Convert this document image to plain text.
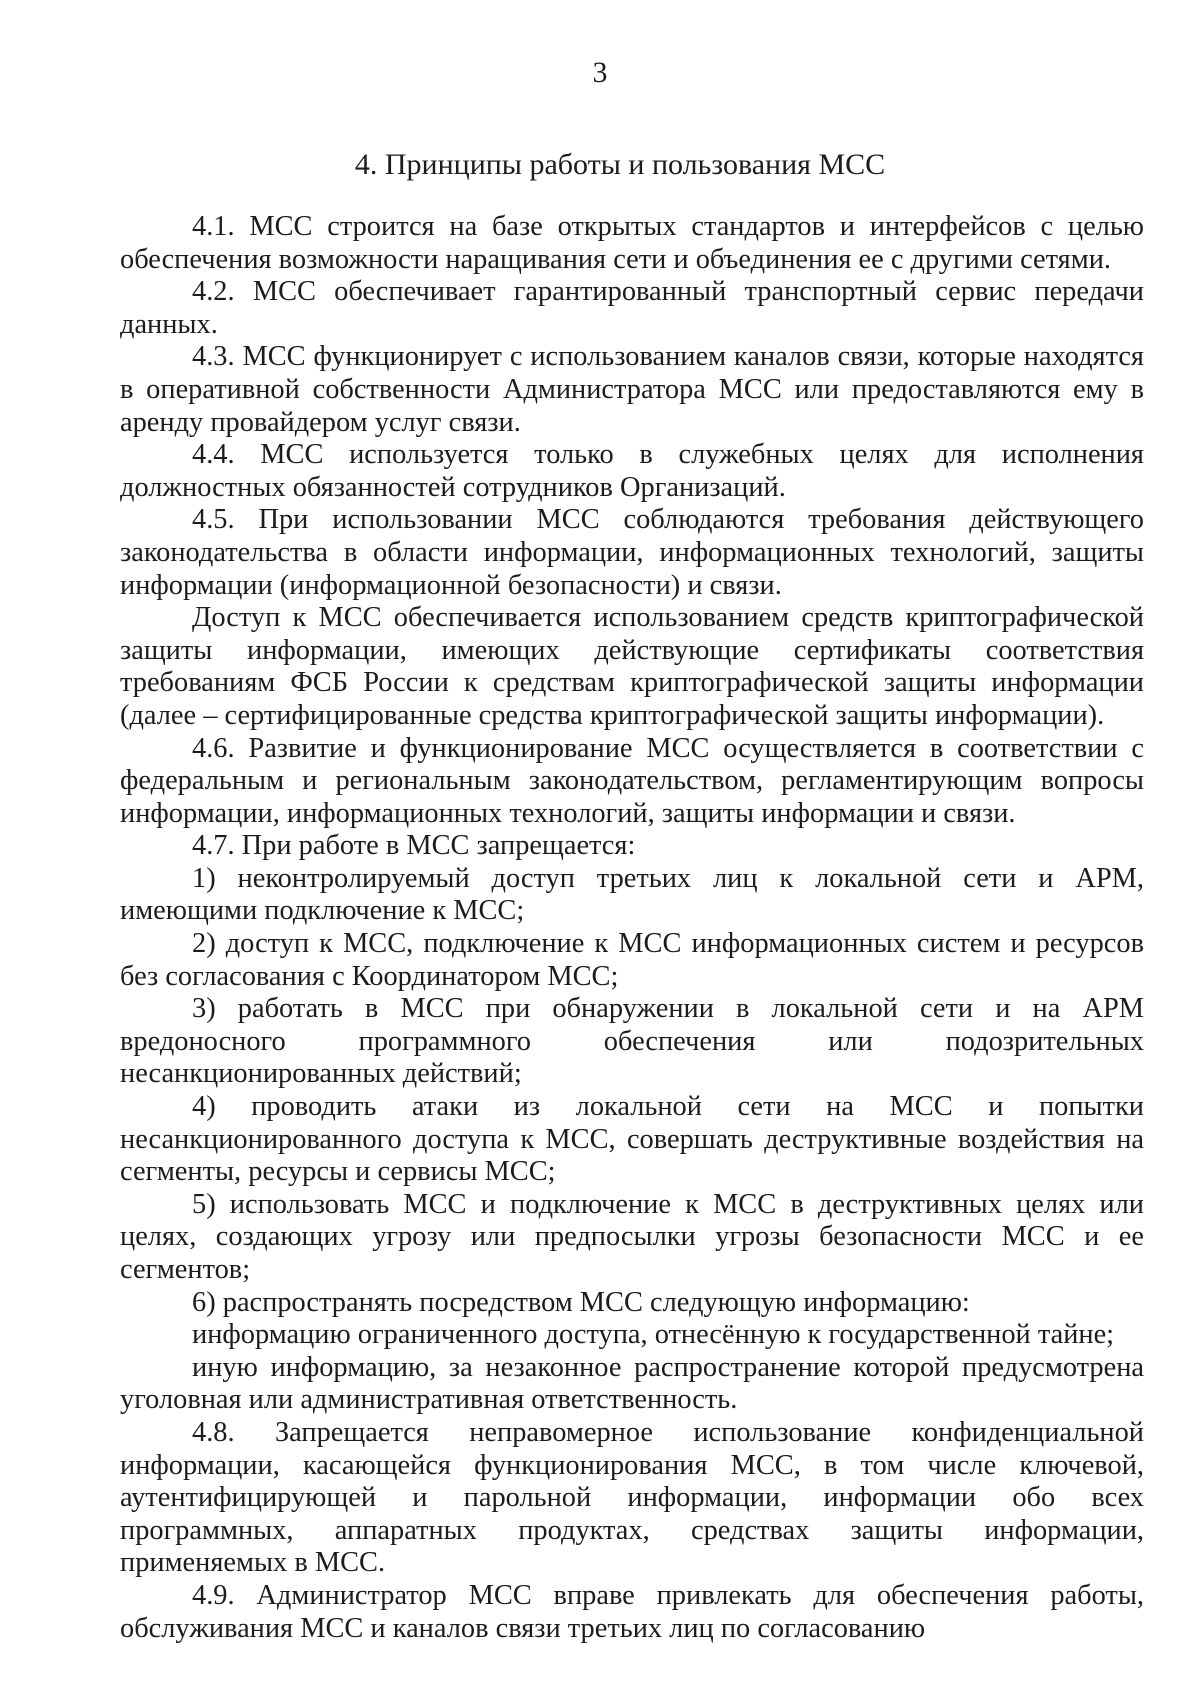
3
4. Принципы работы и пользования МСС

4.1. МСС строится на базе открытых стандартов и интерфейсов с целью обеспечения возможности наращивания сети и объединения ее с другими сетями.

4.2. МСС обеспечивает гарантированный транспортный сервис передачи данных.

4.3. МСС функционирует с использованием каналов связи, которые находятся в оперативной собственности Администратора МСС или предоставляются ему в аренду провайдером услуг связи.

4.4. МСС используется только в служебных целях для исполнения должностных обязанностей сотрудников Организаций.

4.5. При использовании МСС соблюдаются требования действующего законодательства в области информации, информационных технологий, защиты информации (информационной безопасности) и связи.

Доступ к МСС обеспечивается использованием средств криптографической защиты информации, имеющих действующие сертификаты соответствия требованиям ФСБ России к средствам криптографической защиты информации (далее – сертифицированные средства криптографической защиты информации).

4.6. Развитие и функционирование МСС осуществляется в соответствии с федеральным и региональным законодательством, регламентирующим вопросы информации, информационных технологий, защиты информации и связи.

4.7. При работе в МСС запрещается:

1) неконтролируемый доступ третьих лиц к локальной сети и АРМ, имеющими подключение к МСС;

2) доступ к МСС, подключение к МСС информационных систем и ресурсов без согласования с Координатором МСС;

3) работать в МСС при обнаружении в локальной сети и на АРМ вредоносного программного обеспечения или подозрительных несанкционированных действий;

4) проводить атаки из локальной сети на МСС и попытки несанкционированного доступа к МСС, совершать деструктивные воздействия на сегменты, ресурсы и сервисы МСС;

5) использовать МСС и подключение к МСС в деструктивных целях или целях, создающих угрозу или предпосылки угрозы безопасности МСС и ее сегментов;

6) распространять посредством МСС следующую информацию:

информацию ограниченного доступа, отнесённую к государственной тайне;

иную информацию, за незаконное распространение которой предусмотрена уголовная или административная ответственность.

4.8. Запрещается неправомерное использование конфиденциальной информации, касающейся функционирования МСС, в том числе ключевой, аутентифицирующей и парольной информации, информации обо всех программных, аппаратных продуктах, средствах защиты информации, применяемых в МСС.

4.9. Администратор МСС вправе привлекать для обеспечения работы, обслуживания МСС и каналов связи третьих лиц по согласованию
